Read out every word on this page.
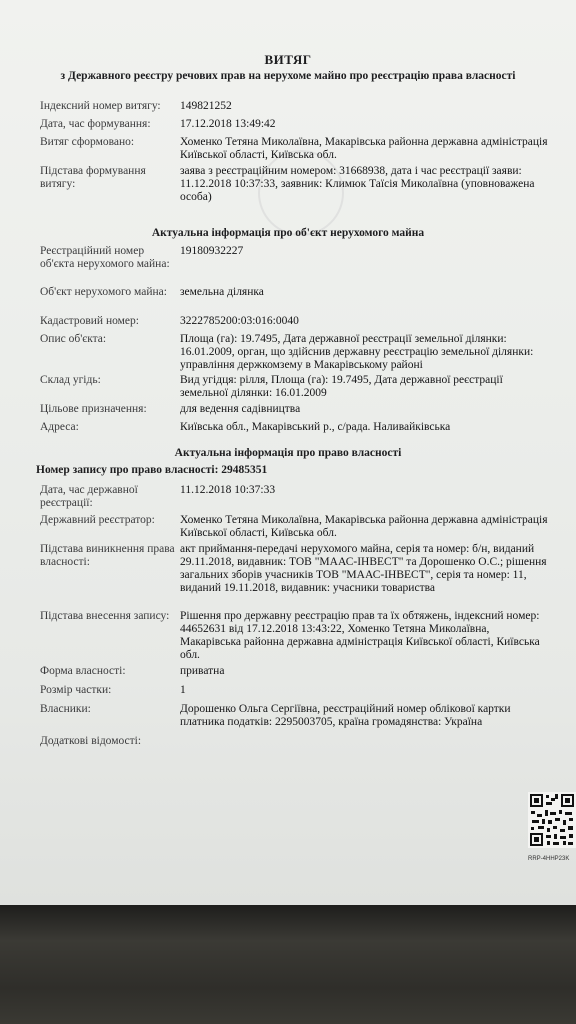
ВИТЯГ
з Державного реєстру речових прав на нерухоме майно про реєстрацію права власності
Індексний номер витягу:	149821252
Дата, час формування:	17.12.2018 13:49:42
Витяг сформовано:	Хоменко Тетяна Миколаївна, Макарівська районна державна адміністрація Київської області, Київська обл.
Підстава формування витягу:
заява з реєстраційним номером: 31668938, дата і час реєстрації заяви: 11.12.2018 10:37:33, заявник: Климюк Таїсія Миколаївна (уповноважена особа)
Актуальна інформація про об'єкт нерухомого майна
Реєстраційний номер об'єкта нерухомого майна:
19180932227
Об'єкт нерухомого майна:	земельна ділянка
Кадастровий номер:	3222785200:03:016:0040
Опис об'єкта:	Площа (га): 19.7495, Дата державної реєстрації земельної ділянки: 16.01.2009, орган, що здійснив державну реєстрацію земельної ділянки: управління держкомзему в Макарівському районі
Склад угідь:	Вид угідця: рілля, Площа (га): 19.7495, Дата державної реєстрації земельної ділянки: 16.01.2009
Цільове призначення:	для ведення садівництва
Адреса:	Київська обл., Макарівський р., с/рада. Наливайківська
Актуальна інформація про право власності
Номер запису про право власності: 29485351
Дата, час державної реєстрації:
11.12.2018 10:37:33
Державний реєстратор:	Хоменко Тетяна Миколаївна, Макарівська районна державна адміністрація Київської області, Київська обл.
Підстава виникнення права власності:
акт приймання-передачі нерухомого майна, серія та номер: б/н, виданий 29.11.2018, видавник: ТОВ "МААС-ІНВЕСТ" та Дорошенко О.С.; рішення загальних зборів учасників ТОВ "МААС-ІНВЕСТ", серія та номер: 11, виданий 19.11.2018, видавник: учасники товариства
Підстава внесення запису: Рішення про державну реєстрацію прав та їх обтяжень, індексний номер: 44652631 від 17.12.2018 13:43:22, Хоменко Тетяна Миколаївна, Макарівська районна державна адміністрація Київської області, Київська обл.
Форма власності:	приватна
Розмір частки:	1
Власники:	Дорошенко Ольга Сергіївна, реєстраційний номер облікової картки платника податків: 2295003705, країна громадянства: Україна
Додаткові відомості:
RRP-4HHP23K
